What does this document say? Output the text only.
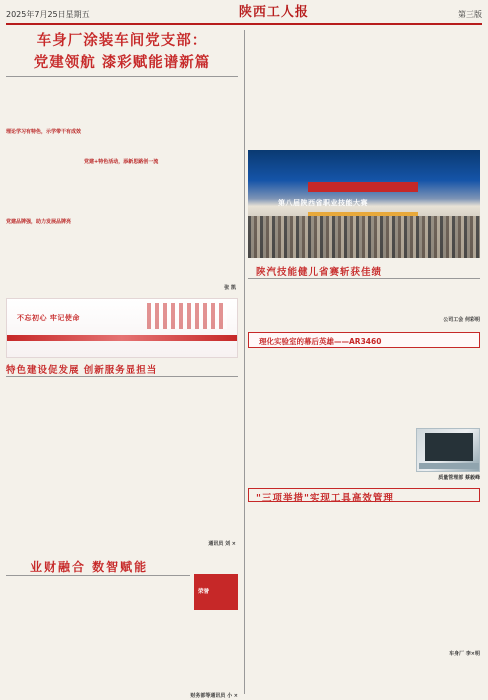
2025年7月25日星期五	陕西工人报	第三版
车身厂涂装车间党支部：
党建领航 漆彩赋能谱新篇
理论学习有特色，示学带干有成效
党建品牌强，助力发展品牌亮
党建+特色活动，添新思路创一流
张 凯
第八届陕西省职业技能大赛
陕汽技能健儿省赛斩获佳绩
公司工会 何彩明
不忘初心 牢记使命
特色建设促发展 创新服务显担当
通讯员 刘 ×
理化实验室的幕后英雄——AR3460
质量管理部 蔡毅峰
"三项举措"实现工具高效管理
车身厂 李×明
业财融合 数智赋能
荣誉
财务部等通讯员 小 ×
